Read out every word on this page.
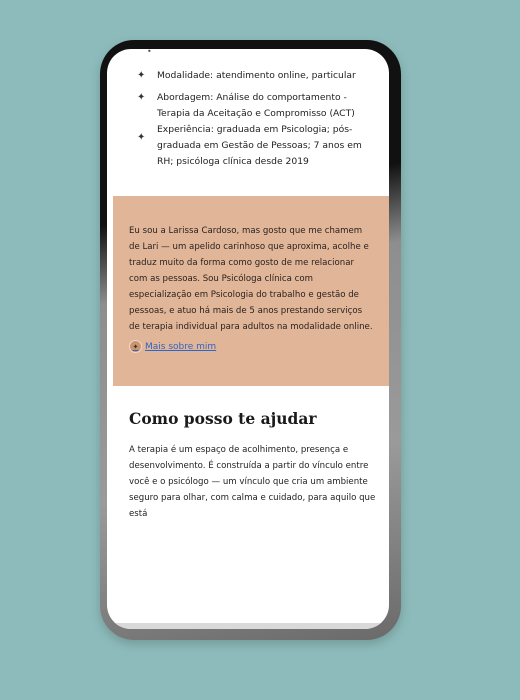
•
✦ Modalidade: atendimento online, particular
✦ Abordagem: Análise do comportamento - Terapia da Aceitação e Compromisso (ACT)
✦
Experiência: graduada em Psicologia; pós-graduada em Gestão de Pessoas; 7 anos em RH; psicóloga clínica desde 2019

Eu sou a Larissa Cardoso, mas gosto que me chamem de Lari — um apelido carinhoso que aproxima, acolhe e traduz muito da forma como gosto de me relacionar com as pessoas. Sou Psicóloga clínica com especialização em Psicologia do trabalho e gestão de pessoas, e atuo há mais de 5 anos prestando serviços de terapia individual para adultos na modalidade online.

✦ Mais sobre mim
Como posso te ajudar

A terapia é um espaço de acolhimento, presença e desenvolvimento. É construída a partir do vínculo entre você e o psicólogo — um vínculo que cria um ambiente seguro para olhar, com calma e cuidado, para aquilo que está
